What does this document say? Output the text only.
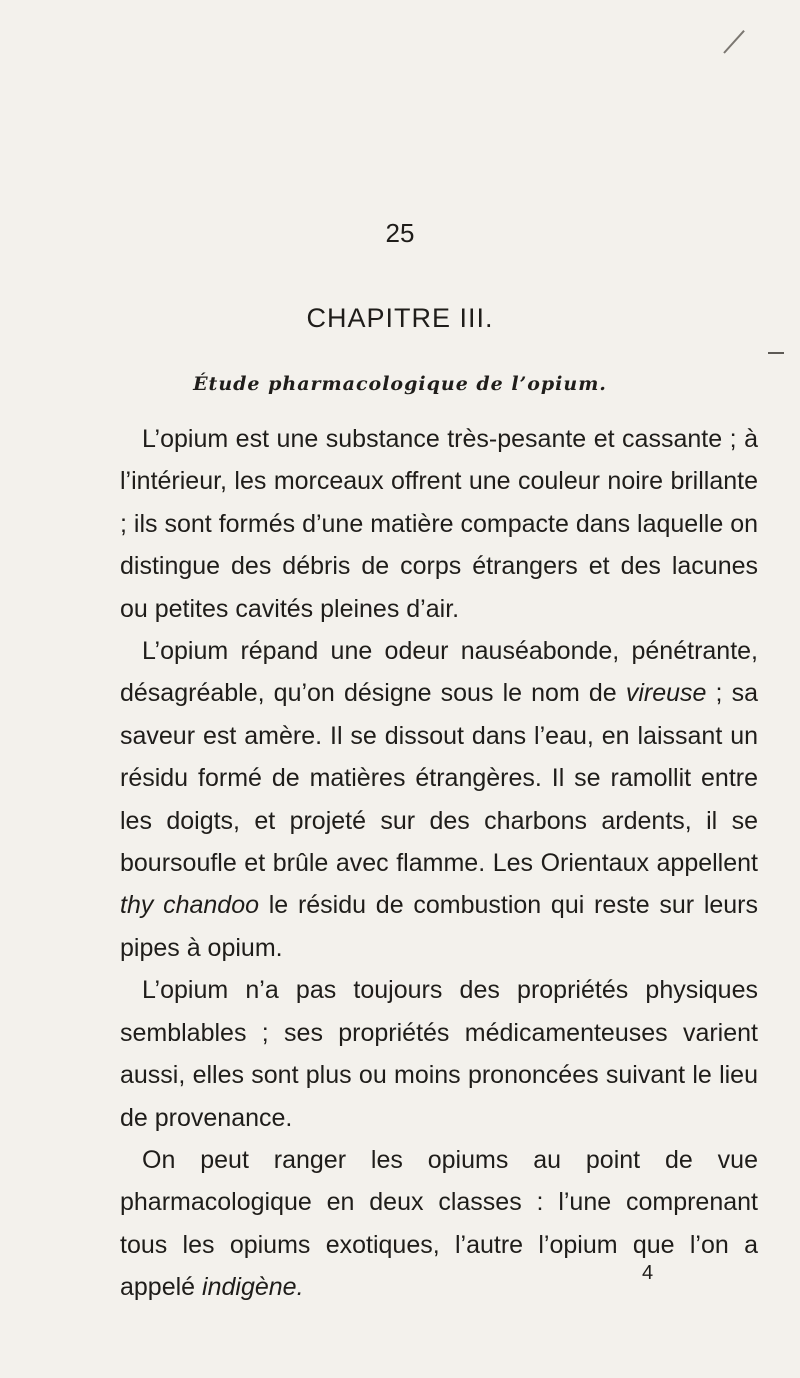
25
CHAPITRE III.
Étude pharmacologique de l’opium.

L’opium est une substance très-pesante et cassante ; à l’intérieur, les morceaux offrent une couleur noire brillante ; ils sont formés d’une matière compacte dans laquelle on distingue des débris de corps étrangers et des lacunes ou petites cavités pleines d’air.

L’opium répand une odeur nauséabonde, pénétrante, désagréable, qu’on désigne sous le nom de vireuse ; sa saveur est amère. Il se dissout dans l’eau, en laissant un résidu formé de matières étrangères. Il se ramollit entre les doigts, et projeté sur des charbons ardents, il se boursoufle et brûle avec flamme. Les Orientaux appellent thy chandoo le résidu de combustion qui reste sur leurs pipes à opium.

L’opium n’a pas toujours des propriétés physiques semblables ; ses propriétés médicamenteuses varient aussi, elles sont plus ou moins prononcées suivant le lieu de provenance.

On peut ranger les opiums au point de vue pharmacologique en deux classes : l’une comprenant tous les opiums exotiques, l’autre l’opium que l’on a appelé indigène.

4
